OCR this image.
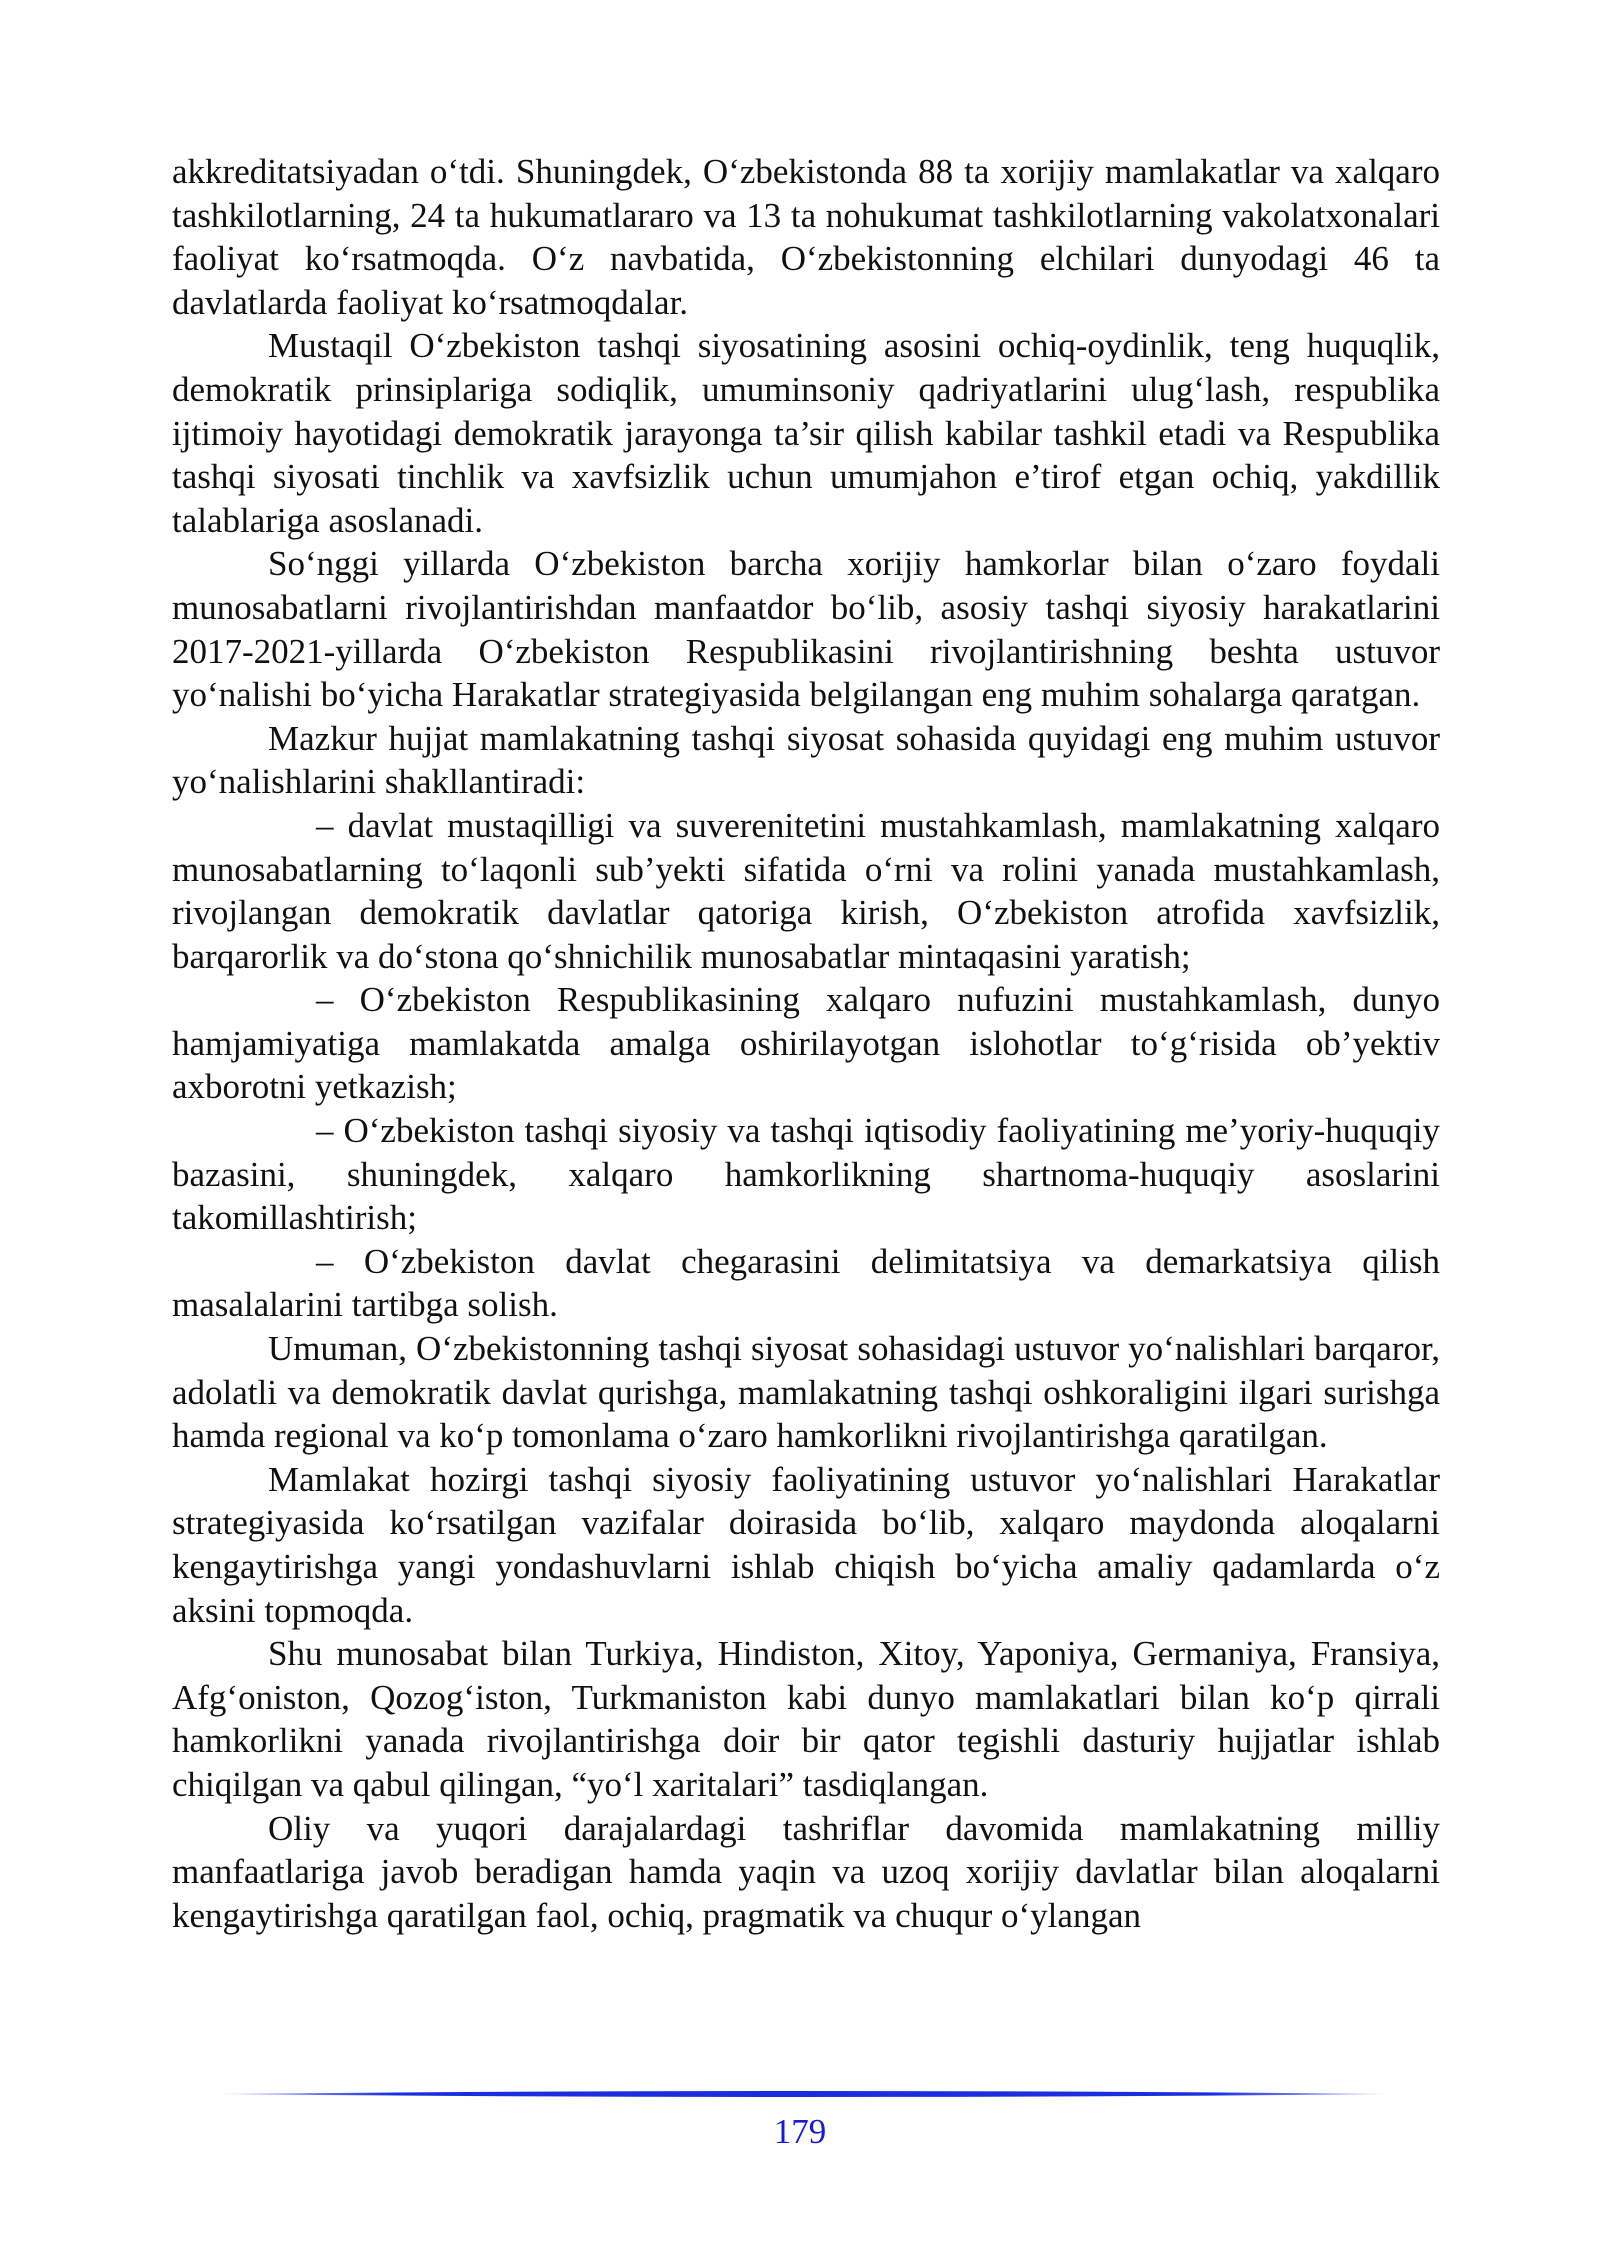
akkreditatsiyadan o‘tdi. Shuningdek, O‘zbekistonda 88 ta xorijiy mamlakatlar va xalqaro tashkilotlarning, 24 ta hukumatlararo va 13 ta nohukumat tashkilotlarning vakolatxonalari faoliyat ko‘rsatmoqda. O‘z navbatida, O‘zbekistonning elchilari dunyodagi 46 ta davlatlarda faoliyat ko‘rsatmoqdalar.

Mustaqil O‘zbekiston tashqi siyosatining asosini ochiq-oydinlik, teng huquqlik, demokratik prinsiplariga sodiqlik, umuminsoniy qadriyatlarini ulug‘lash, respublika ijtimoiy hayotidagi demokratik jarayonga ta’sir qilish kabilar tashkil etadi va Respublika tashqi siyosati tinchlik va xavfsizlik uchun umumjahon e’tirof etgan ochiq, yakdillik talablariga asoslanadi.

So‘nggi yillarda O‘zbekiston barcha xorijiy hamkorlar bilan o‘zaro foydali munosabatlarni rivojlantirishdan manfaatdor bo‘lib, asosiy tashqi siyosiy harakatlarini 2017-2021-yillarda O‘zbekiston Respublikasini rivojlantirishning beshta ustuvor yo‘nalishi bo‘yicha Harakatlar strategiyasida belgilangan eng muhim sohalarga qaratgan.

Mazkur hujjat mamlakatning tashqi siyosat sohasida quyidagi eng muhim ustuvor yo‘nalishlarini shakllantiradi:

– davlat mustaqilligi va suverenitetini mustahkamlash, mamlakatning xalqaro munosabatlarning to‘laqonli sub’yekti sifatida o‘rni va rolini yanada mustahkamlash, rivojlangan demokratik davlatlar qatoriga kirish, O‘zbekiston atrofida xavfsizlik, barqarorlik va do‘stona qo‘shnichilik munosabatlar mintaqasini yaratish;

– O‘zbekiston Respublikasining xalqaro nufuzini mustahkamlash, dunyo hamjamiyatiga mamlakatda amalga oshirilayotgan islohotlar to‘g‘risida ob’yektiv axborotni yetkazish;

– O‘zbekiston tashqi siyosiy va tashqi iqtisodiy faoliyatining me’yoriy-huquqiy bazasini, shuningdek, xalqaro hamkorlikning shartnoma-huquqiy asoslarini takomillashtirish;

– O‘zbekiston davlat chegarasini delimitatsiya va demarkatsiya qilish masalalarini tartibga solish.

Umuman, O‘zbekistonning tashqi siyosat sohasidagi ustuvor yo‘nalishlari barqaror, adolatli va demokratik davlat qurishga, mamlakatning tashqi oshkoraligini ilgari surishga hamda regional va ko‘p tomonlama o‘zaro hamkorlikni rivojlantirishga qaratilgan.

Mamlakat hozirgi tashqi siyosiy faoliyatining ustuvor yo‘nalishlari Harakatlar strategiyasida ko‘rsatilgan vazifalar doirasida bo‘lib, xalqaro maydonda aloqalarni kengaytirishga yangi yondashuvlarni ishlab chiqish bo‘yicha amaliy qadamlarda o‘z aksini topmoqda.

Shu munosabat bilan Turkiya, Hindiston, Xitoy, Yaponiya, Germaniya, Fransiya, Afg‘oniston, Qozog‘iston, Turkmaniston kabi dunyo mamlakatlari bilan ko‘p qirrali hamkorlikni yanada rivojlantirishga doir bir qator tegishli dasturiy hujjatlar ishlab chiqilgan va qabul qilingan, “yo‘l xaritalari” tasdiqlangan.

Oliy va yuqori darajalardagi tashriflar davomida mamlakatning milliy manfaatlariga javob beradigan hamda yaqin va uzoq xorijiy davlatlar bilan aloqalarni kengaytirishga qaratilgan faol, ochiq, pragmatik va chuqur o‘ylangan

179
